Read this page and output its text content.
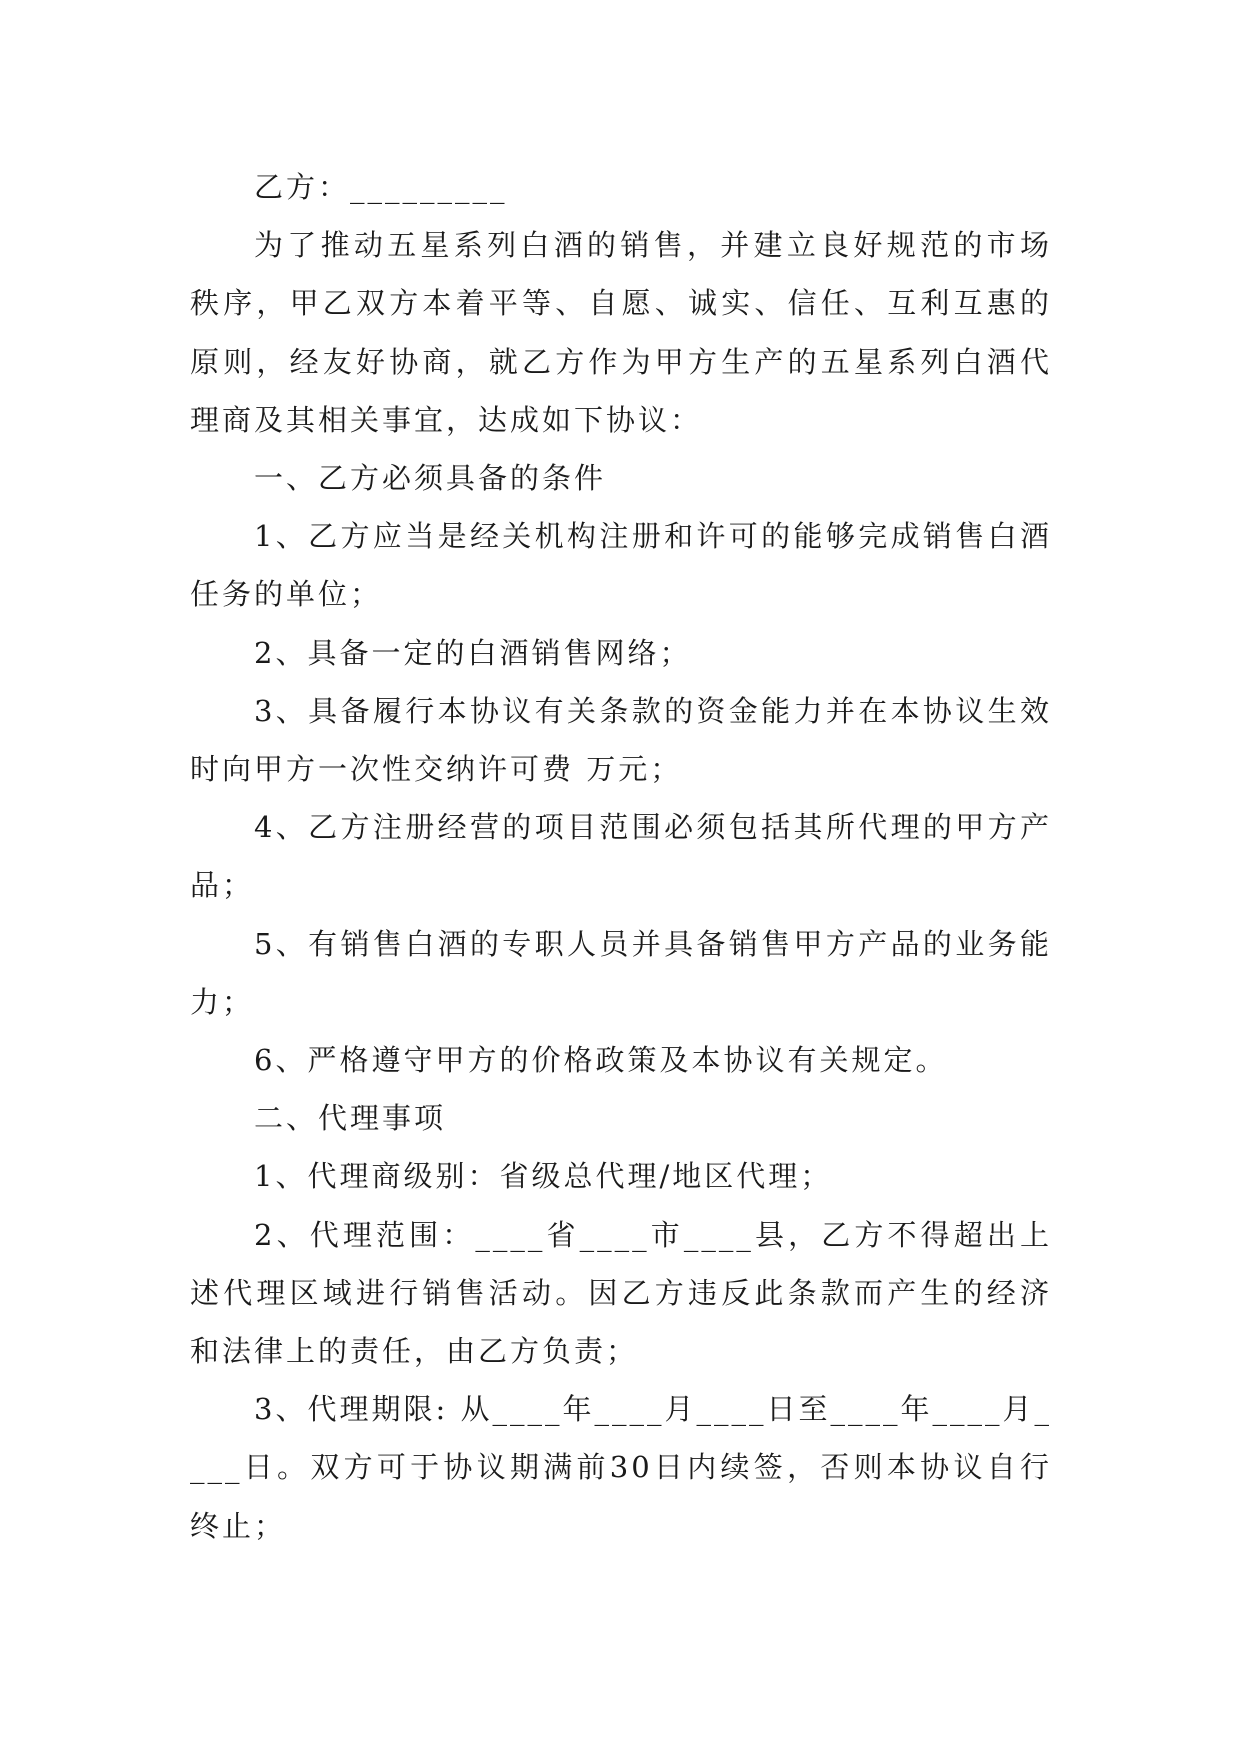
乙方：_________

为了推动五星系列白酒的销售，并建立良好规范的市场秩序，甲乙双方本着平等、自愿、诚实、信任、互利互惠的原则，经友好协商，就乙方作为甲方生产的五星系列白酒代理商及其相关事宜，达成如下协议：

一、乙方必须具备的条件

1、乙方应当是经关机构注册和许可的能够完成销售白酒任务的单位；

2、具备一定的白酒销售网络；

3、具备履行本协议有关条款的资金能力并在本协议生效时向甲方一次性交纳许可费 万元；

4、乙方注册经营的项目范围必须包括其所代理的甲方产品；

5、有销售白酒的专职人员并具备销售甲方产品的业务能力；

6、严格遵守甲方的价格政策及本协议有关规定。

二、代理事项

1、代理商级别：省级总代理/地区代理；

2、代理范围：____省____市____县，乙方不得超出上述代理区域进行销售活动。因乙方违反此条款而产生的经济和法律上的责任，由乙方负责；

3、代理期限: 从____年____月____日至____年____月____日。双方可于协议期满前30日内续签，否则本协议自行终止；
